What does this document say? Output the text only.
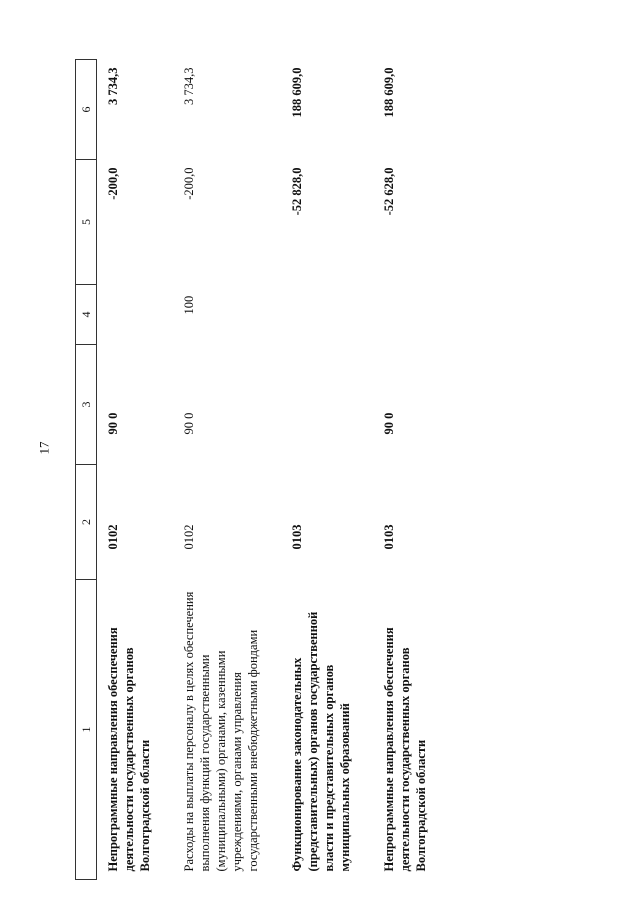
17
1	2	3	4	5	6
Непрограммные направления обеспечения деятельности государственных органов Волгоградской области	0102	90 0		-200,0	3 734,3
Расходы на выплаты персоналу в целях обеспечения выполнения функций государственными (муниципальными) органами, казенными учреждениями, органами управления государственными внебюджетными фондами	0102	90 0	100	-200,0	3 734,3
Функционирование законодательных (представительных) органов государственной власти и представительных органов муниципальных образований	0103			-52 828,0	188 609,0
Непрограммные направления обеспечения деятельности государственных органов Волгоградской области	0103	90 0		-52 628,0	188 609,0
